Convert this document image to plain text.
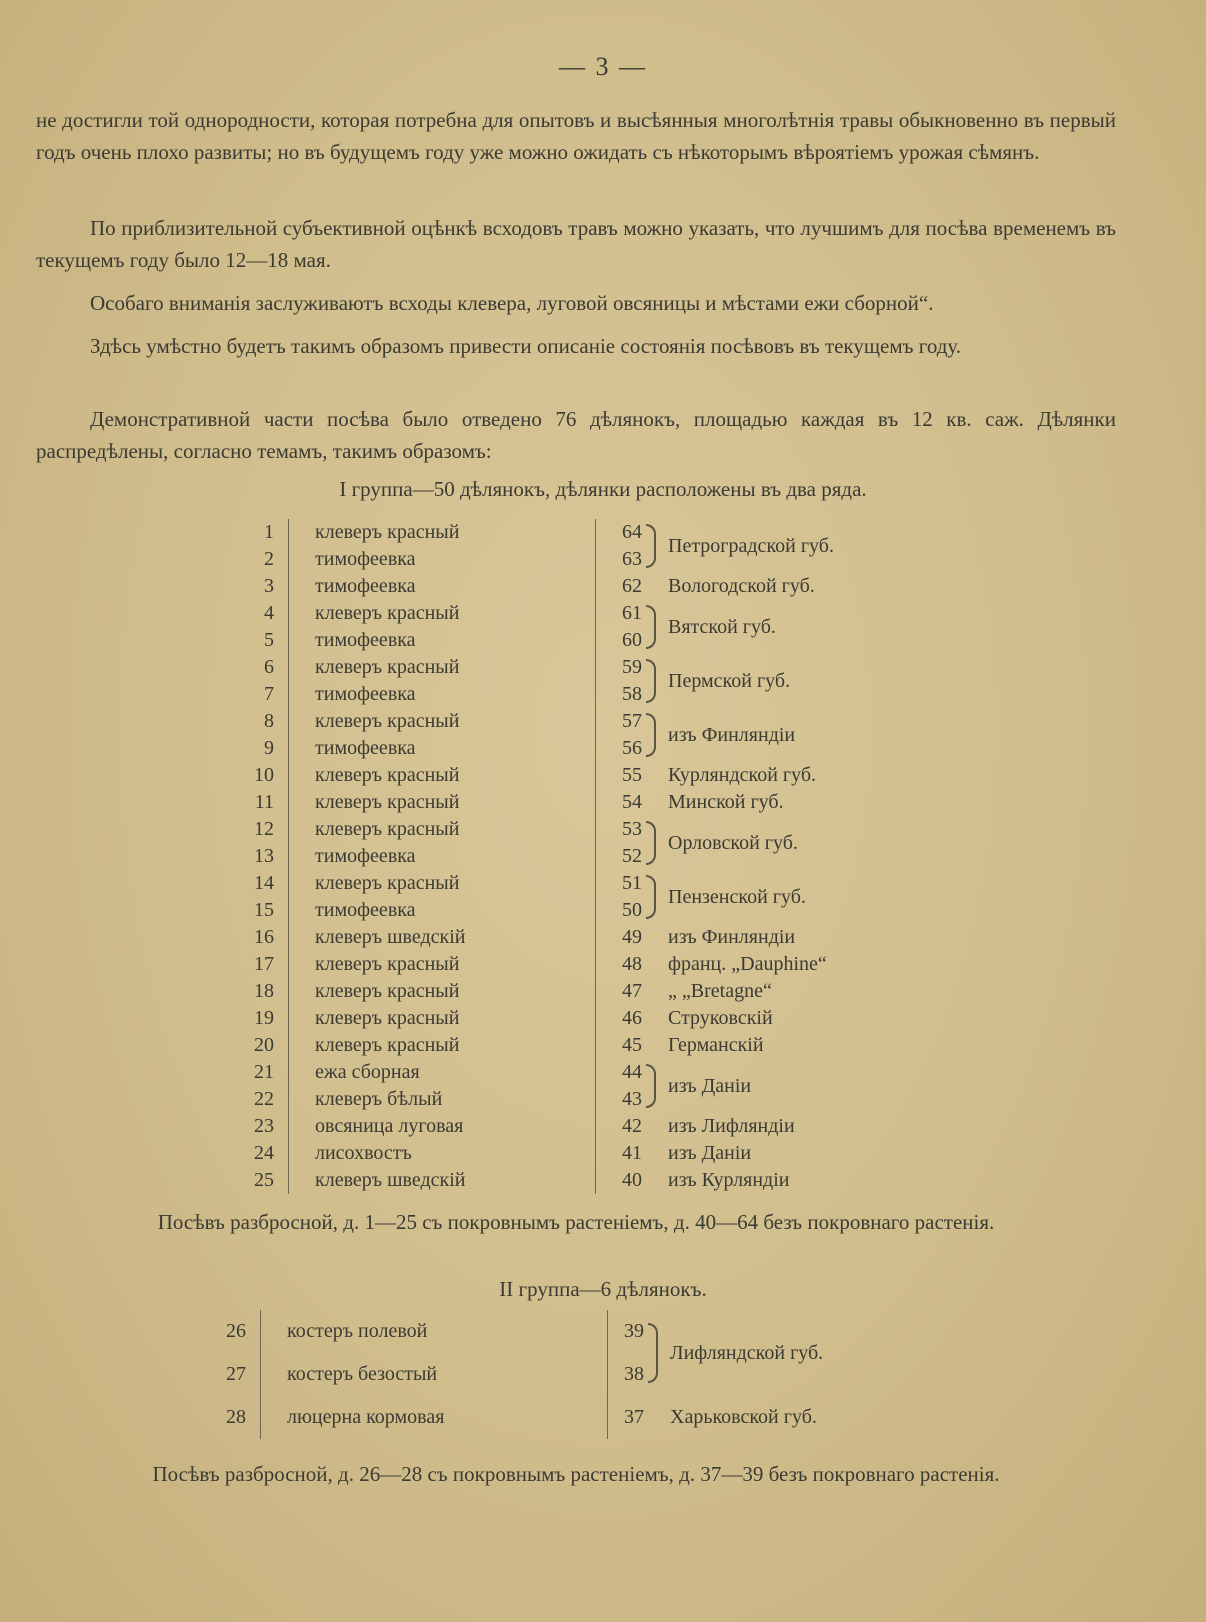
— 3 —

не достигли той однородности, которая потребна для опытовъ и высѣянныя многолѣтнія травы обыкновенно въ первый годъ очень плохо развиты; но въ будущемъ году уже можно ожидать съ нѣкоторымъ вѣроятіемъ урожая сѣмянъ.

По приблизительной субъективной оцѣнкѣ всходовъ травъ можно указать, что лучшимъ для посѣва временемъ въ текущемъ году было 12—18 мая.

Особаго вниманія заслуживаютъ всходы клевера, луговой овсяницы и мѣстами ежи сборной“.

Здѣсь умѣстно будетъ такимъ образомъ привести описаніе состоянія посѣвовъ въ текущемъ году.

Демонстративной части посѣва было отведено 76 дѣлянокъ, площадью каждая въ 12 кв. саж. Дѣлянки распредѣлены, согласно темамъ, такимъ образомъ:

I группа—50 дѣлянокъ, дѣлянки расположены въ два ряда.
1	клеверъ красный	64		Петроградской губ.
2	тимофеевка	63		
3	тимофеевка	62		Вологодской губ.
4	клеверъ красный	61		Вятской губ.
5	тимофеевка	60		
6	клеверъ красный	59		Пермской губ.
7	тимофеевка	58		
8	клеверъ красный	57		изъ Финляндіи
9	тимофеевка	56		
10	клеверъ красный	55		Курляндской губ.
11	клеверъ красный	54		Минской губ.
12	клеверъ красный	53		Орловской губ.
13	тимофеевка	52		
14	клеверъ красный	51		Пензенской губ.
15	тимофеевка	50		
16	клеверъ шведскій	49		изъ Финляндіи
17	клеверъ красный	48		франц. „Dauphine“
18	клеверъ красный	47		„ „Bretagne“
19	клеверъ красный	46		Струковскій
20	клеверъ красный	45		Германскій
21	ежа сборная	44		изъ Даніи
22	клеверъ бѣлый	43		
23	овсяница луговая	42		изъ Лифляндіи
24	лисохвостъ	41		изъ Даніи
25	клеверъ шведскій	40		изъ Курляндіи
Посѣвъ разбросной, д. 1—25 съ покровнымъ растеніемъ, д. 40—64 безъ покровнаго растенія.
II группа—6 дѣлянокъ.
26	костеръ полевой	39		Лифляндской губ.
27	костеръ безостый	38		
28	люцерна кормовая	37		Харьковской губ.
Посѣвъ разбросной, д. 26—28 съ покровнымъ растеніемъ, д. 37—39 безъ покровнаго растенія.
